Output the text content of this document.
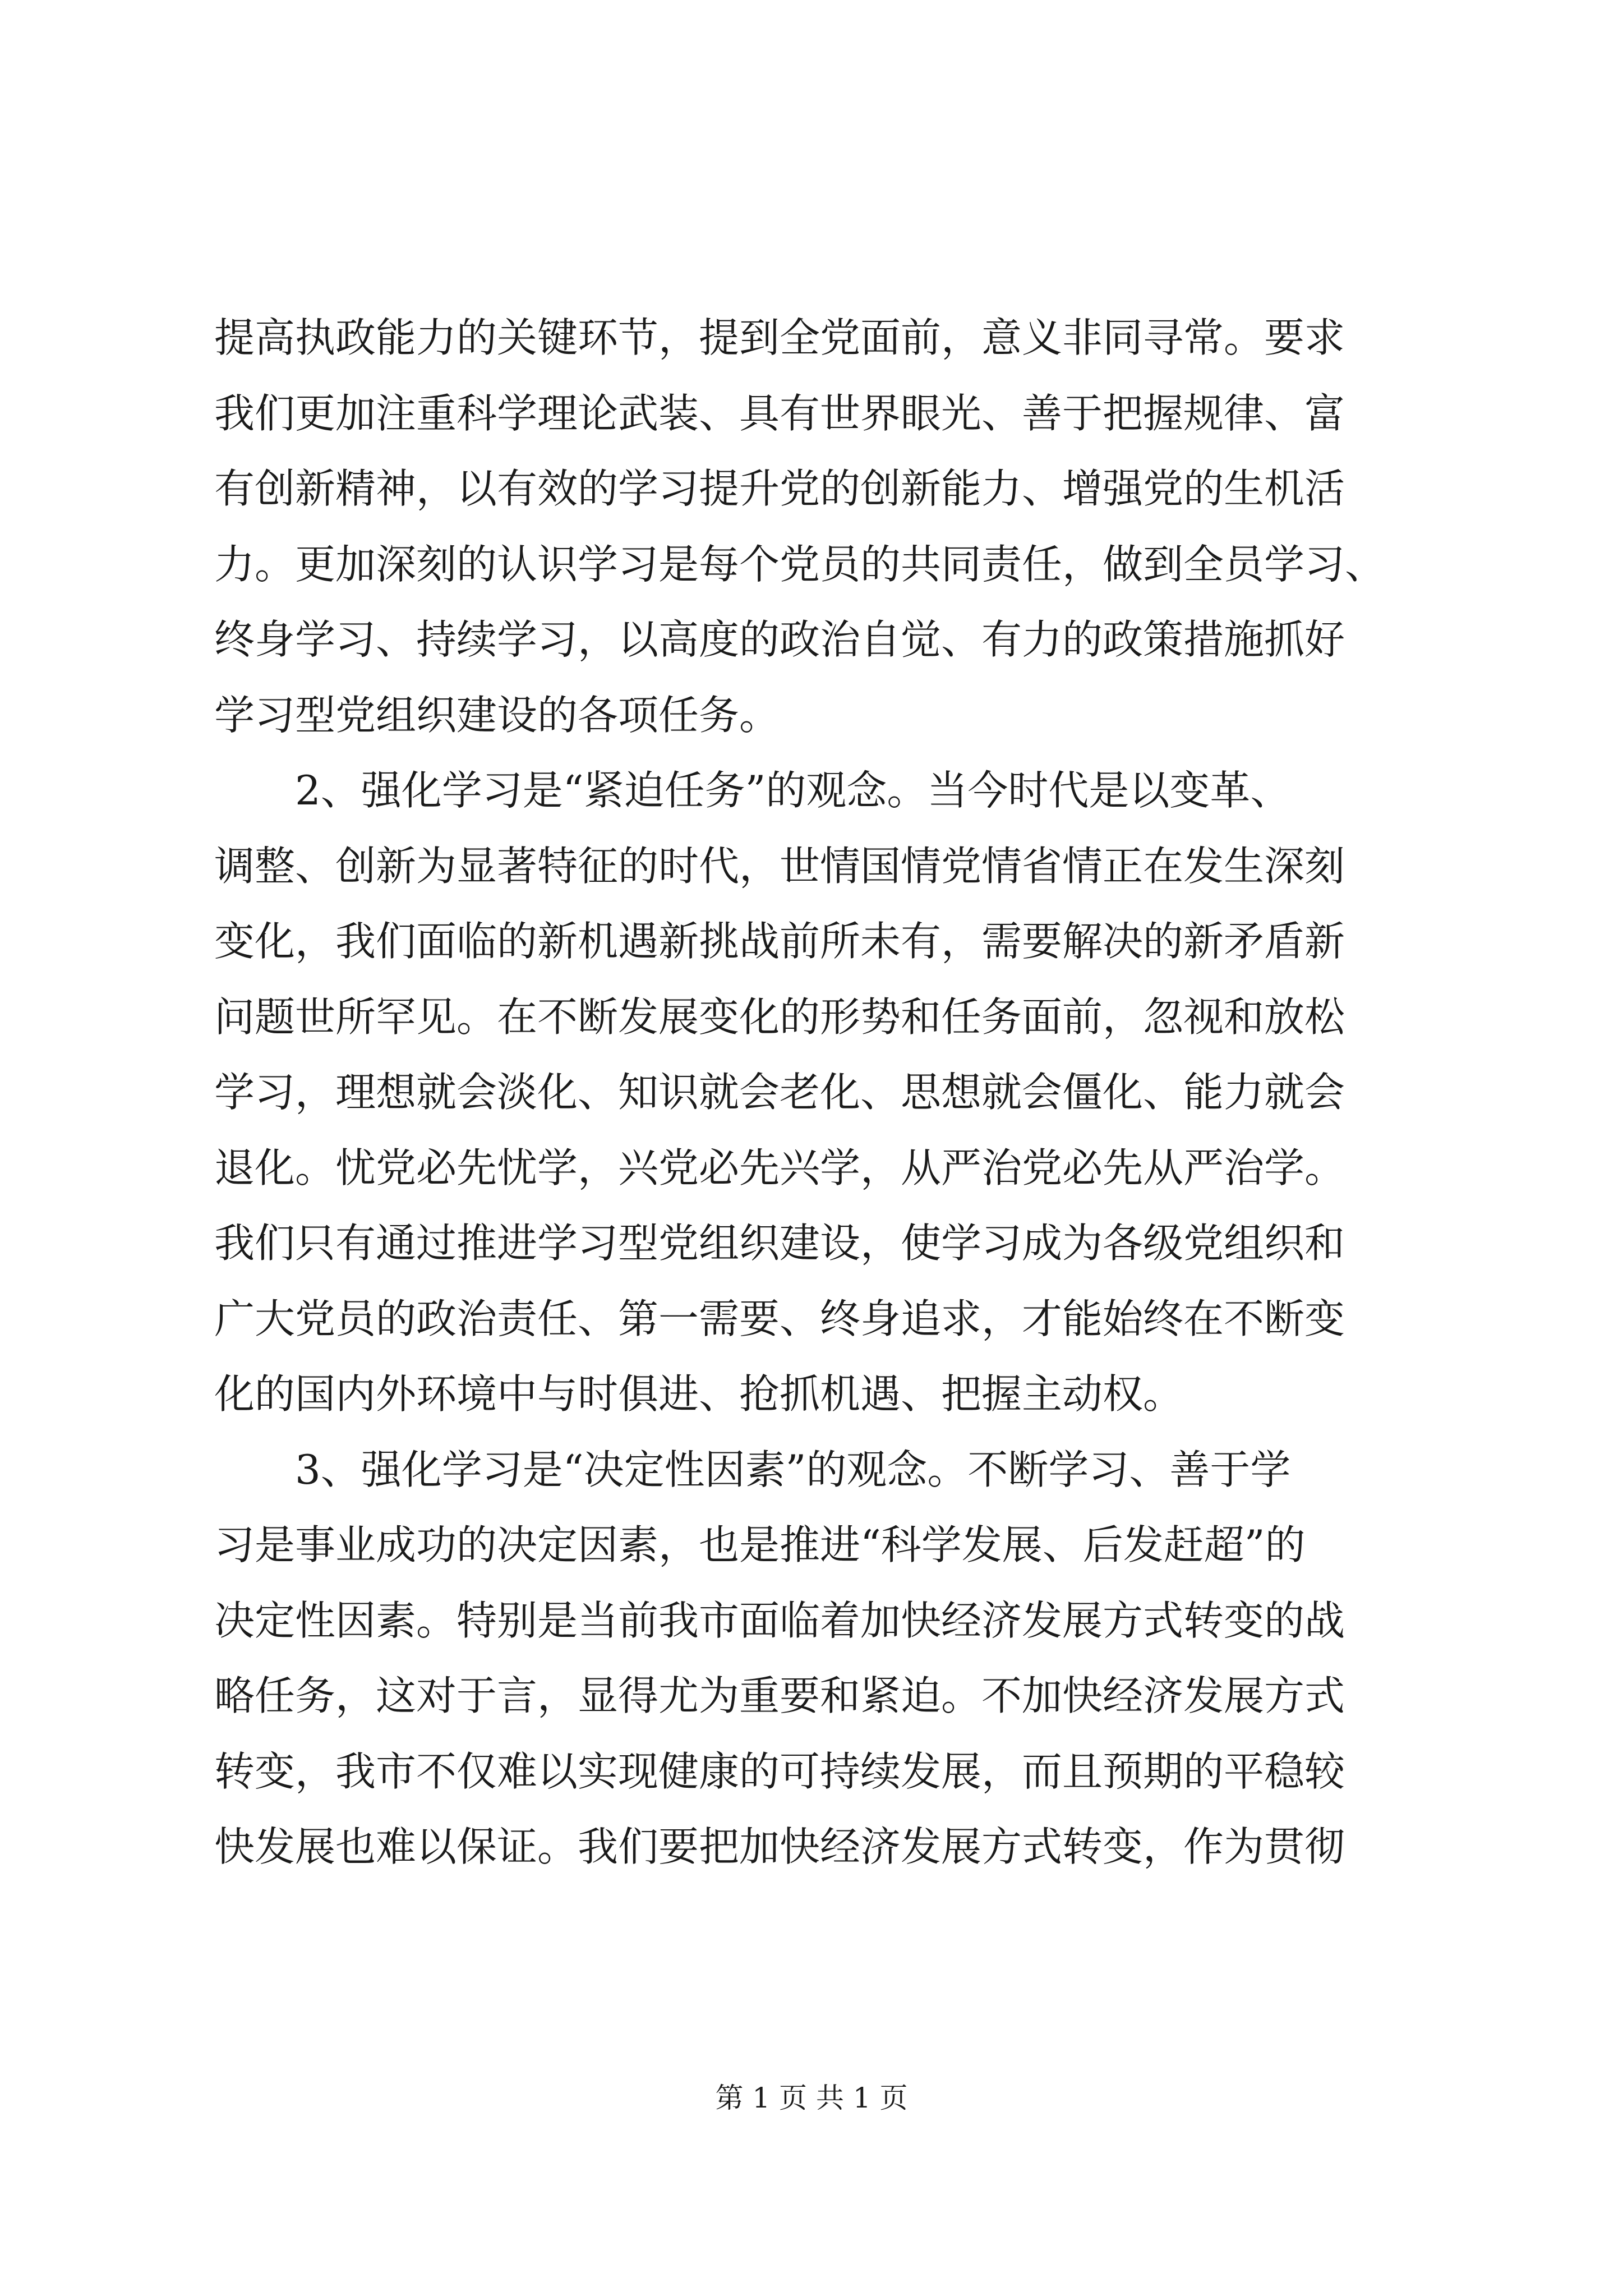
提高执政能力的关键环节，提到全党面前，意义非同寻常。要求
我们更加注重科学理论武装、具有世界眼光、善于把握规律、富
有创新精神，以有效的学习提升党的创新能力、增强党的生机活
力。更加深刻的认识学习是每个党员的共同责任，做到全员学习、
终身学习、持续学习，以高度的政治自觉、有力的政策措施抓好
学习型党组织建设的各项任务。
　　2、强化学习是“紧迫任务”的观念。当今时代是以变革、
调整、创新为显著特征的时代，世情国情党情省情正在发生深刻
变化，我们面临的新机遇新挑战前所未有，需要解决的新矛盾新
问题世所罕见。在不断发展变化的形势和任务面前，忽视和放松
学习，理想就会淡化、知识就会老化、思想就会僵化、能力就会
退化。忧党必先忧学，兴党必先兴学，从严治党必先从严治学。
我们只有通过推进学习型党组织建设，使学习成为各级党组织和
广大党员的政治责任、第一需要、终身追求，才能始终在不断变
化的国内外环境中与时俱进、抢抓机遇、把握主动权。
　　3、强化学习是“决定性因素”的观念。不断学习、善于学
习是事业成功的决定因素，也是推进“科学发展、后发赶超”的
决定性因素。特别是当前我市面临着加快经济发展方式转变的战
略任务，这对于言，显得尤为重要和紧迫。不加快经济发展方式
转变，我市不仅难以实现健康的可持续发展，而且预期的平稳较
快发展也难以保证。我们要把加快经济发展方式转变，作为贯彻
第 1 页 共 1 页
